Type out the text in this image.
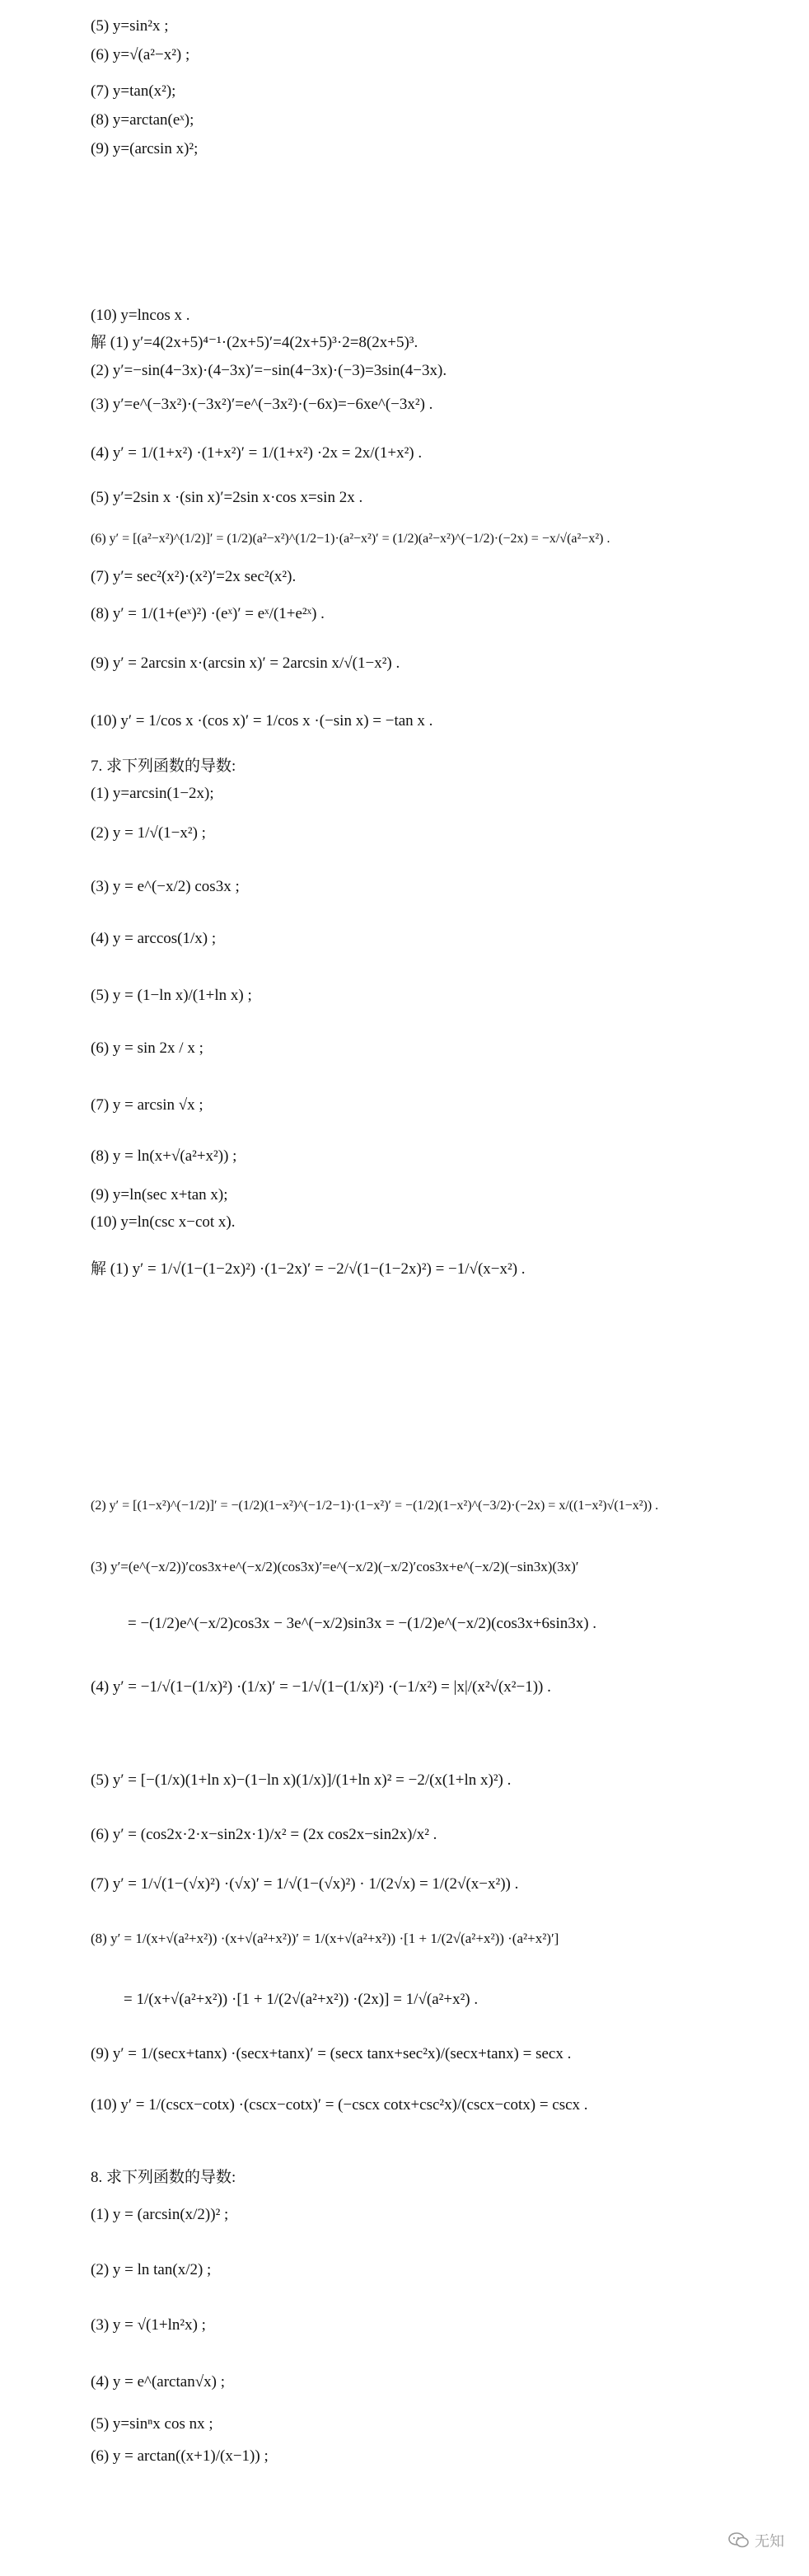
(5) y=sin²x ;
(6) y=√(a²−x²) ;
(7) y=tan(x²);
(8) y=arctan(eˣ);
(9) y=(arcsin x)²;
(10) y=lncos x .
解 (1) y′=4(2x+5)⁴⁻¹·(2x+5)′=4(2x+5)³·2=8(2x+5)³.
(2) y′=−sin(4−3x)·(4−3x)′=−sin(4−3x)·(−3)=3sin(4−3x).
(3) y′=e^(−3x²)·(−3x²)′=e^(−3x²)·(−6x)=−6xe^(−3x²) .
(4) y′ = 1/(1+x²) ·(1+x²)′ = 1/(1+x²) ·2x = 2x/(1+x²) .
(5) y′=2sin x ·(sin x)′=2sin x·cos x=sin 2x .
(6) y′ = [(a²−x²)^(1/2)]′ = (1/2)(a²−x²)^(1/2−1)·(a²−x²)′ = (1/2)(a²−x²)^(−1/2)·(−2x) = −x/√(a²−x²) .
(7) y′= sec²(x²)·(x²)′=2x sec²(x²).
(8) y′ = 1/(1+(eˣ)²) ·(eˣ)′ = eˣ/(1+e²ˣ) .
(9) y′ = 2arcsin x·(arcsin x)′ = 2arcsin x/√(1−x²) .
(10) y′ = 1/cos x ·(cos x)′ = 1/cos x ·(−sin x) = −tan x .
7. 求下列函数的导数:
(1) y=arcsin(1−2x);
(2) y = 1/√(1−x²) ;
(3) y = e^(−x/2) cos3x ;
(4) y = arccos(1/x) ;
(5) y = (1−ln x)/(1+ln x) ;
(6) y = sin 2x / x ;
(7) y = arcsin √x ;
(8) y = ln(x+√(a²+x²)) ;
(9) y=ln(sec x+tan x);
(10) y=ln(csc x−cot x).
解 (1) y′ = 1/√(1−(1−2x)²) ·(1−2x)′ = −2/√(1−(1−2x)²) = −1/√(x−x²) .
(2) y′ = [(1−x²)^(−1/2)]′ = −(1/2)(1−x²)^(−1/2−1)·(1−x²)′ = −(1/2)(1−x²)^(−3/2)·(−2x) = x/((1−x²)√(1−x²)) .
(3) y′=(e^(−x/2))′cos3x+e^(−x/2)(cos3x)′=e^(−x/2)(−x/2)′cos3x+e^(−x/2)(−sin3x)(3x)′
= −(1/2)e^(−x/2)cos3x − 3e^(−x/2)sin3x = −(1/2)e^(−x/2)(cos3x+6sin3x) .
(4) y′ = −1/√(1−(1/x)²) ·(1/x)′ = −1/√(1−(1/x)²) ·(−1/x²) = |x|/(x²√(x²−1)) .
(5) y′ = [−(1/x)(1+ln x)−(1−ln x)(1/x)]/(1+ln x)² = −2/(x(1+ln x)²) .
(6) y′ = (cos2x·2·x−sin2x·1)/x² = (2x cos2x−sin2x)/x² .
(7) y′ = 1/√(1−(√x)²) ·(√x)′ = 1/√(1−(√x)²) · 1/(2√x) = 1/(2√(x−x²)) .
(8) y′ = 1/(x+√(a²+x²)) ·(x+√(a²+x²))′ = 1/(x+√(a²+x²)) ·[1 + 1/(2√(a²+x²)) ·(a²+x²)′]
= 1/(x+√(a²+x²)) ·[1 + 1/(2√(a²+x²)) ·(2x)] = 1/√(a²+x²) .
(9) y′ = 1/(secx+tanx) ·(secx+tanx)′ = (secx tanx+sec²x)/(secx+tanx) = secx .
(10) y′ = 1/(cscx−cotx) ·(cscx−cotx)′ = (−cscx cotx+csc²x)/(cscx−cotx) = cscx .
8. 求下列函数的导数:
(1) y = (arcsin(x/2))² ;
(2) y = ln tan(x/2) ;
(3) y = √(1+ln²x) ;
(4) y = e^(arctan√x) ;
(5) y=sinⁿx cos nx ;
(6) y = arctan((x+1)/(x−1)) ;
无知
